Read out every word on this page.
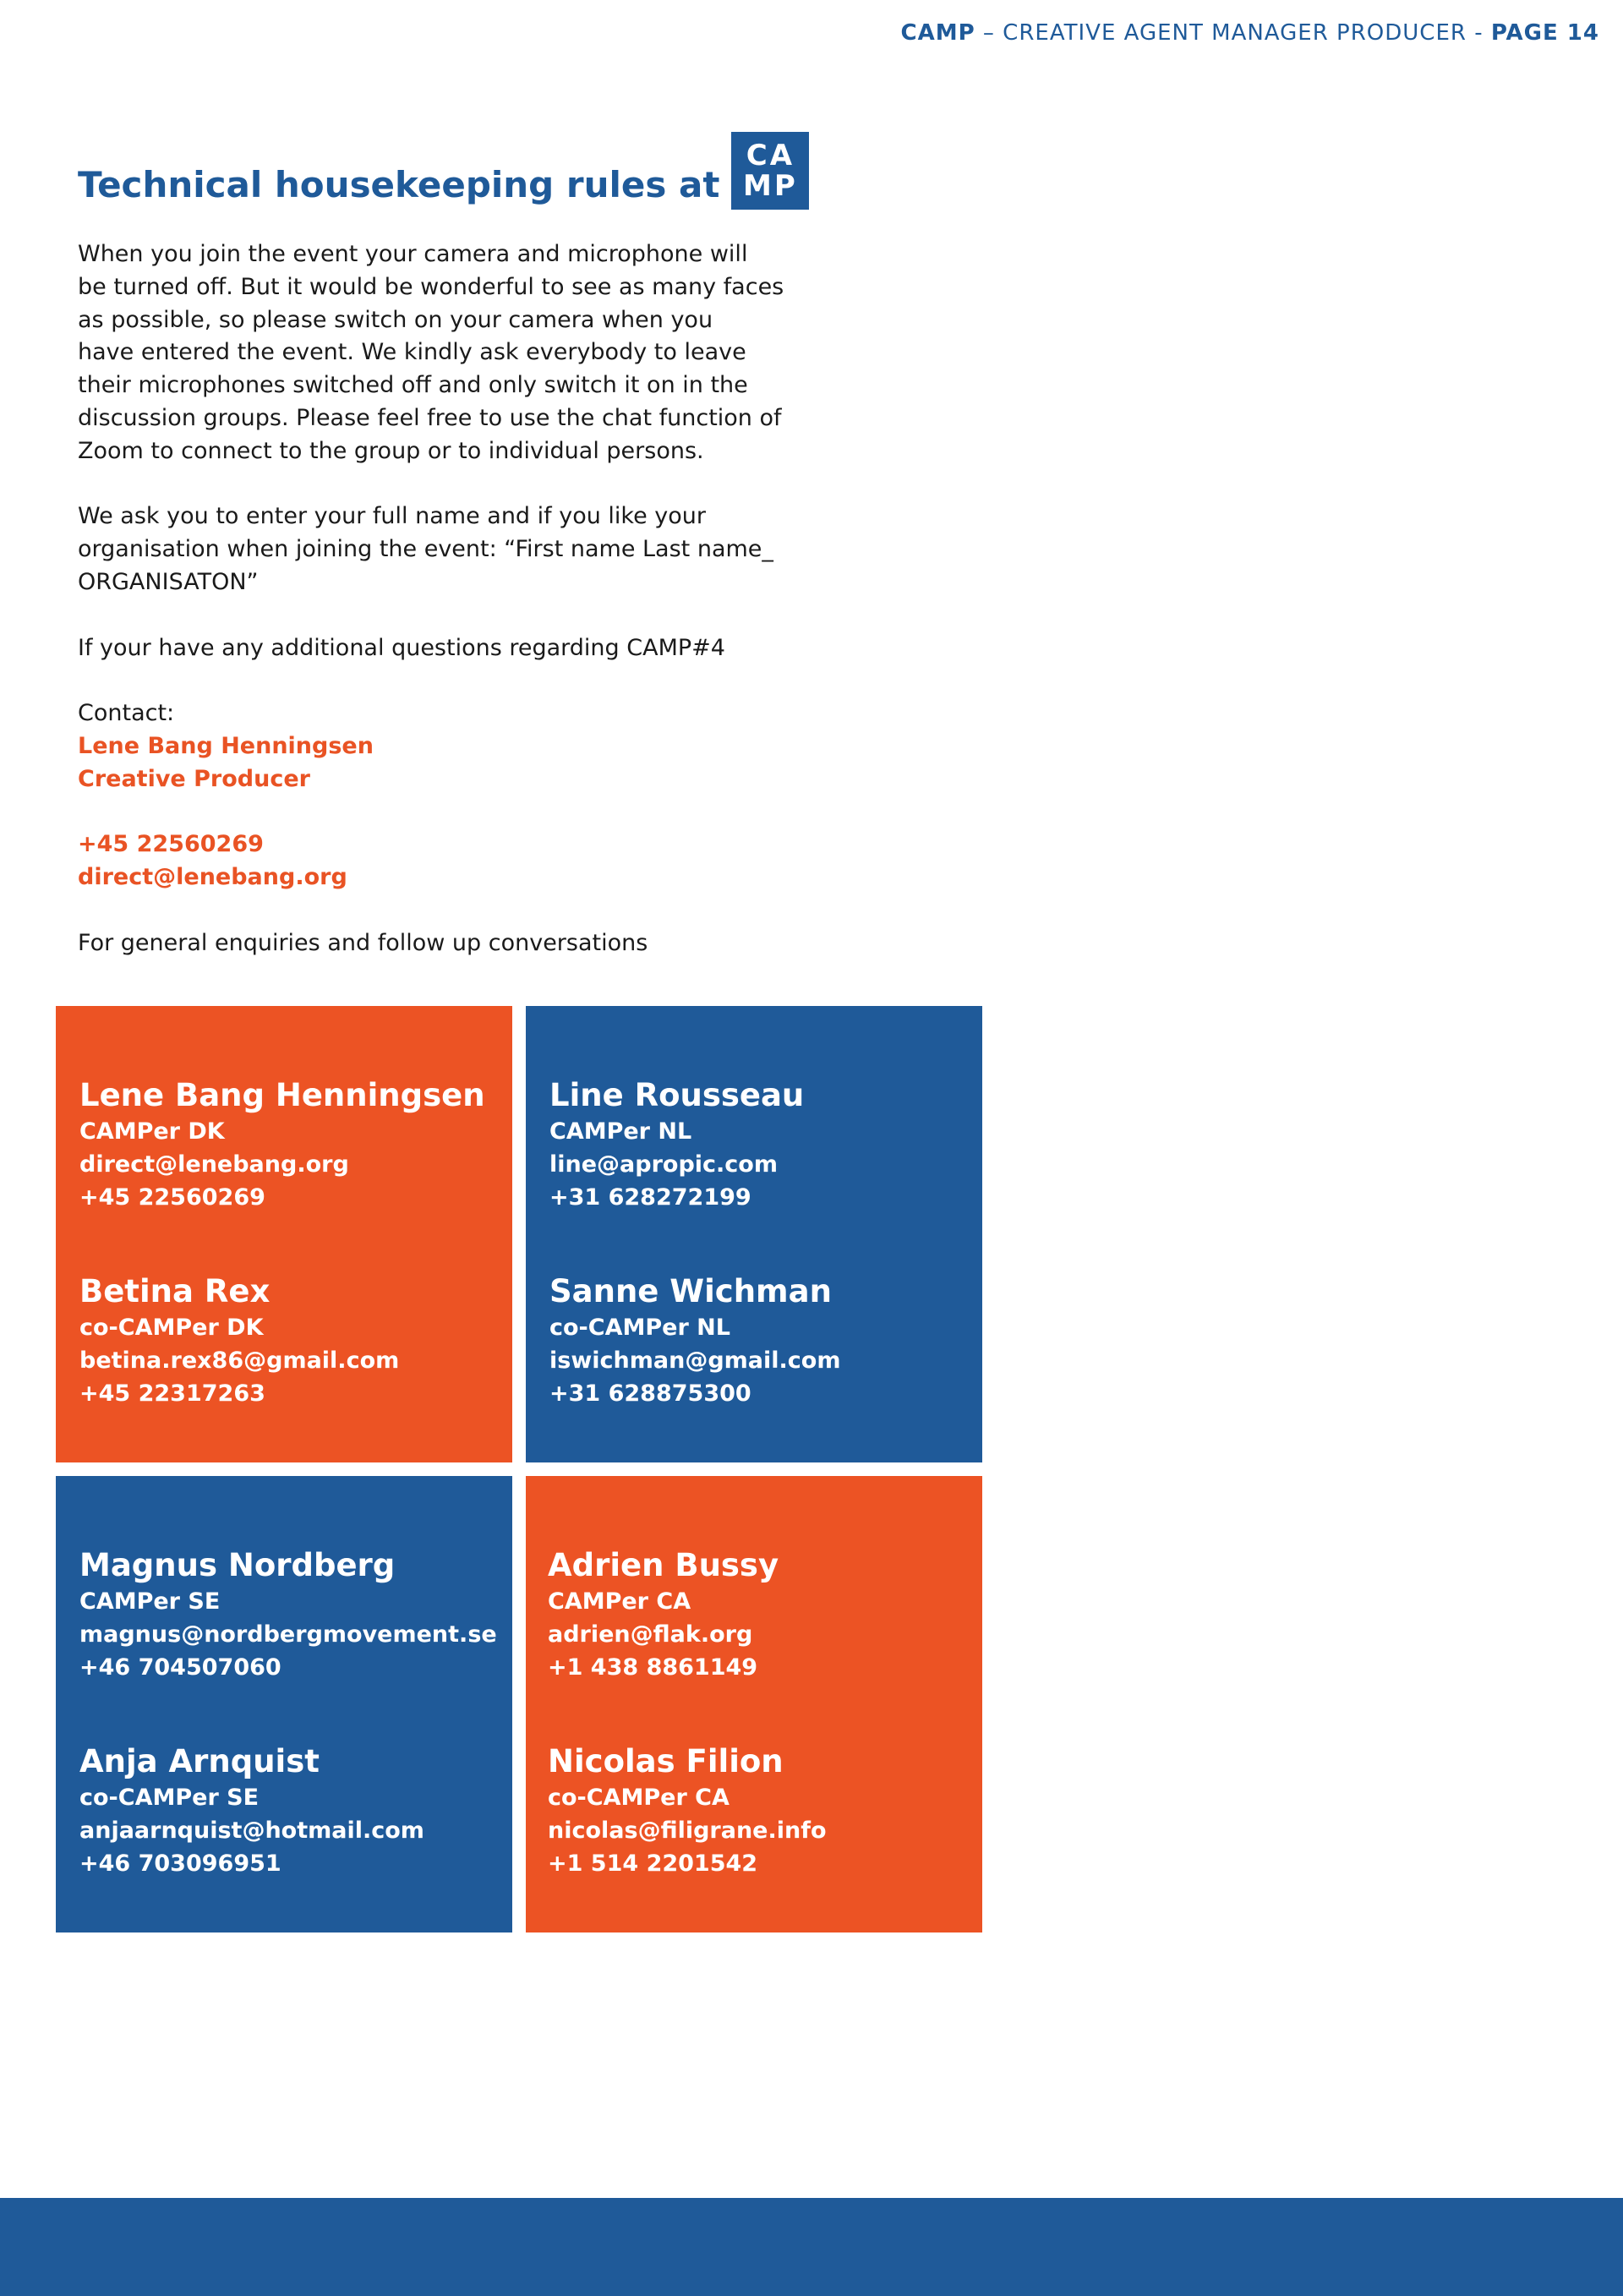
CAMP – CREATIVE AGENT MANAGER PRODUCER - PAGE 14
Technical housekeeping rules at
CA
MP

When you join the event your camera and microphone will

be turned off. But it would be wonderful to see as many faces

as possible, so please switch on your camera when you

have entered the event. We kindly ask everybody to leave

their microphones switched off and only switch it on in the

discussion groups. Please feel free to use the chat function of

Zoom to connect to the group or to individual persons.

We ask you to enter your full name and if you like your

organisation when joining the event: “First name Last name_

ORGANISATON”

If your have any additional questions regarding CAMP#4

Contact:

Lene Bang Henningsen

Creative Producer

+45 22560269

direct@lenebang.org

For general enquiries and follow up conversations

Lene Bang Henningsen
CAMPer DK
direct@lenebang.org
+45 22560269
Betina Rex
co-CAMPer DK
betina.rex86@gmail.com
+45 22317263
Line Rousseau
CAMPer NL
line@apropic.com
+31 628272199
Sanne Wichman
co-CAMPer NL
iswichman@gmail.com
+31 628875300
Magnus Nordberg
CAMPer SE
magnus@nordbergmovement.se
+46 704507060
Anja Arnquist
co-CAMPer SE
anjaarnquist@hotmail.com
+46 703096951
Adrien Bussy
CAMPer CA
adrien@flak.org
+1 438 8861149
Nicolas Filion
co-CAMPer CA
nicolas@filigrane.info
+1 514 2201542
